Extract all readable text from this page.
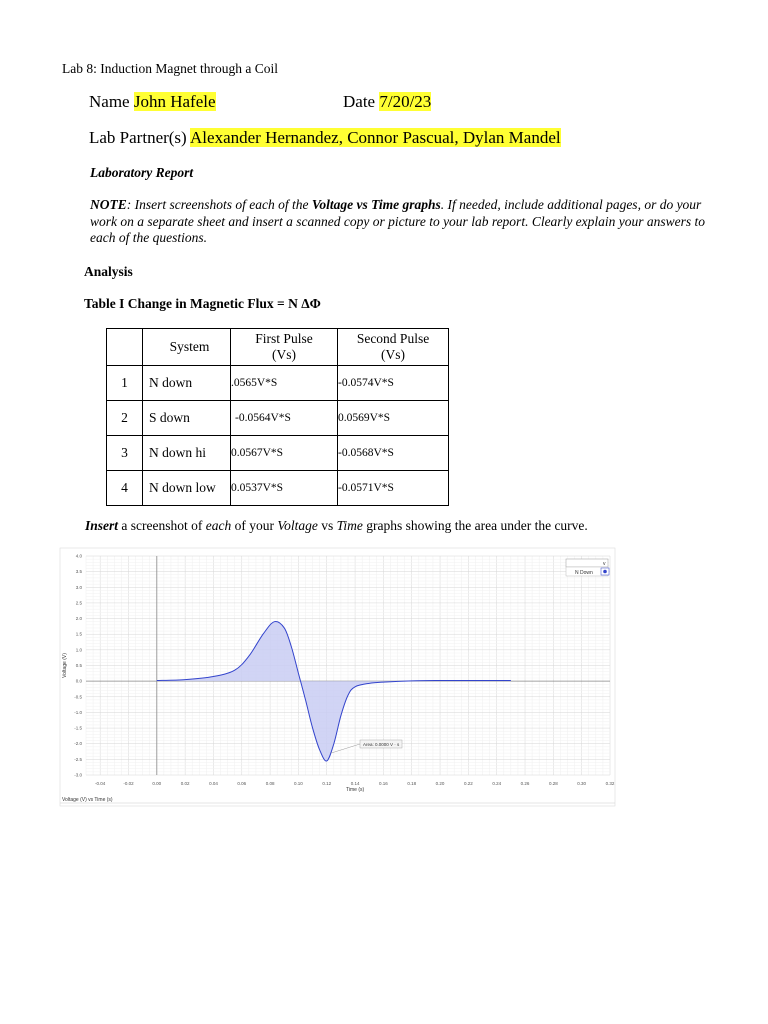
Lab 8: Induction Magnet through a Coil
Name John Hafele	Date 7/20/23
Lab Partner(s) Alexander Hernandez, Connor Pascual, Dylan Mandel
Laboratory Report
NOTE: Insert screenshots of each of the Voltage vs Time graphs. If needed, include additional pages, or do your work on a separate sheet and insert a scanned copy or picture to your lab report. Clearly explain your answers to each of the questions.
Analysis
Table I Change in Magnetic Flux = N ΔΦ
	System	First Pulse
(Vs)	Second Pulse
(Vs)
1	N down	.0565V*S	-0.0574V*S
2	S down	-0.0564V*S	0.0569V*S
3	N down hi	0.0567V*S	-0.0568V*S
4	N down low	0.0537V*S	-0.0571V*S
Insert a screenshot of each of your Voltage vs Time graphs showing the area under the curve.
-0.04	-0.02	0.00	0.02	0.04	0.06	0.08	0.10	0.12	0.14	0.16	0.18	0.20	0.22	0.24	0.26	0.28	0.30	0.32
4.0
3.5
3.0
2.5
2.0
1.5
1.0
0.5
0.0
-0.5
-1.0
-1.5
-2.0
-2.5
-3.0
Time (s)
Voltage (V)
v
N Down
Area: 0.0000 V · s
Voltage (V) vs Time (s)
